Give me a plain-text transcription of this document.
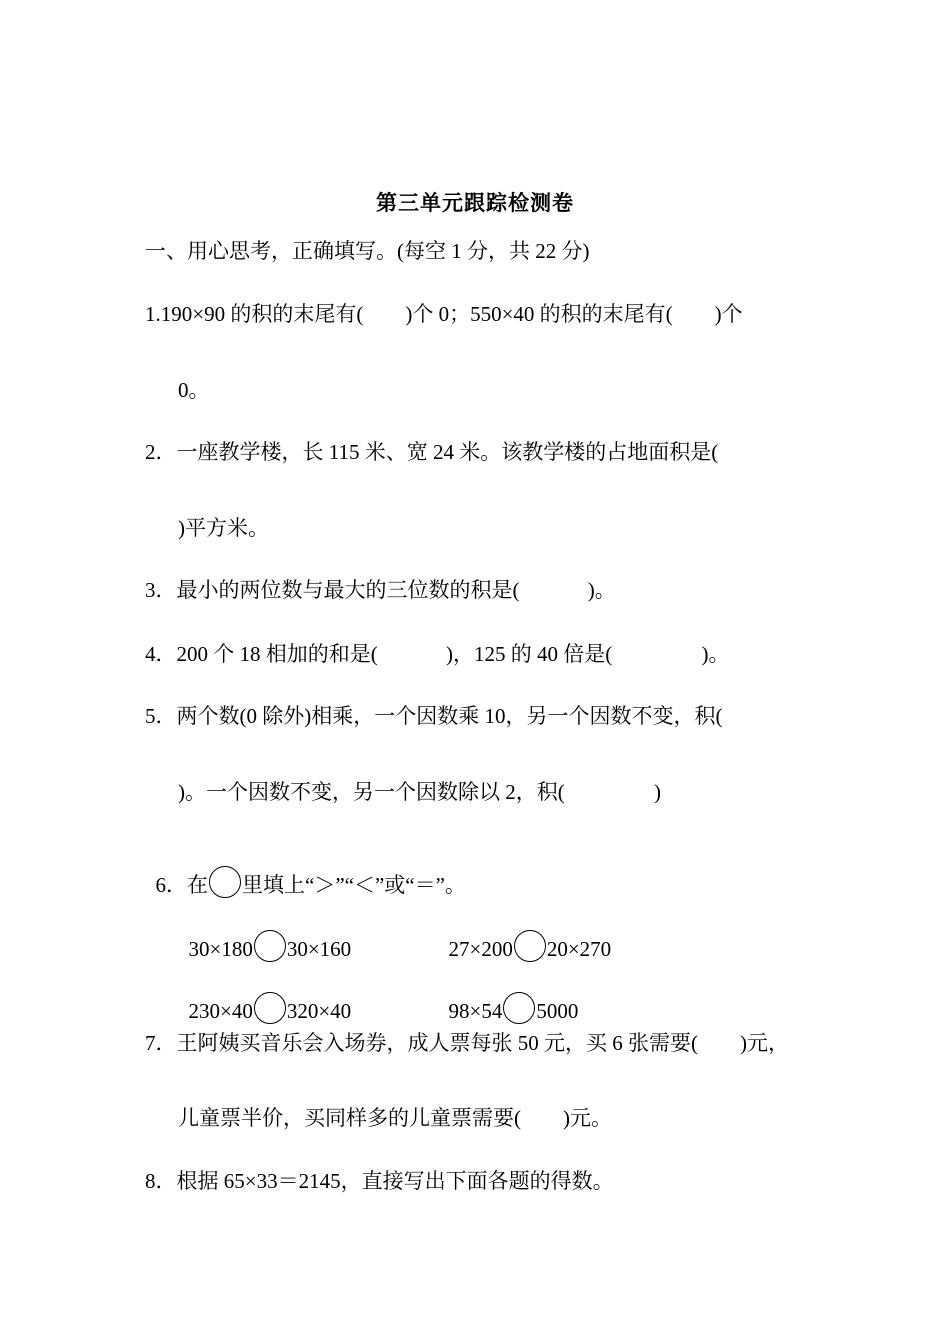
第三单元跟踪检测卷
一、用心思考，正确填写。(每空 1 分，共 22 分)
1.190×90 的积的末尾有(　　)个 0；550×40 的积的末尾有(　　)个
0。
2．一座教学楼，长 115 米、宽 24 米。该教学楼的占地面积是(
)平方米。
3．最小的两位数与最大的三位数的积是(　　　 )。
4．200 个 18 相加的和是(　　　 )，125 的 40 倍是(　　　　 )。
5．两个数(0 除外)相乘，一个因数乘 10，另一个因数不变，积(
)。一个因数不变，另一个因数除以 2，积(　　　　 )

6．在 里填上“＞”“＜”或“＝”。

30×180 30×160	27×200 20×270

230×40 320×40	98×54 5000

7．王阿姨买音乐会入场券，成人票每张 50 元，买 6 张需要(　　)元，
儿童票半价，买同样多的儿童票需要(　　)元。
8．根据 65×33＝2145，直接写出下面各题的得数。
